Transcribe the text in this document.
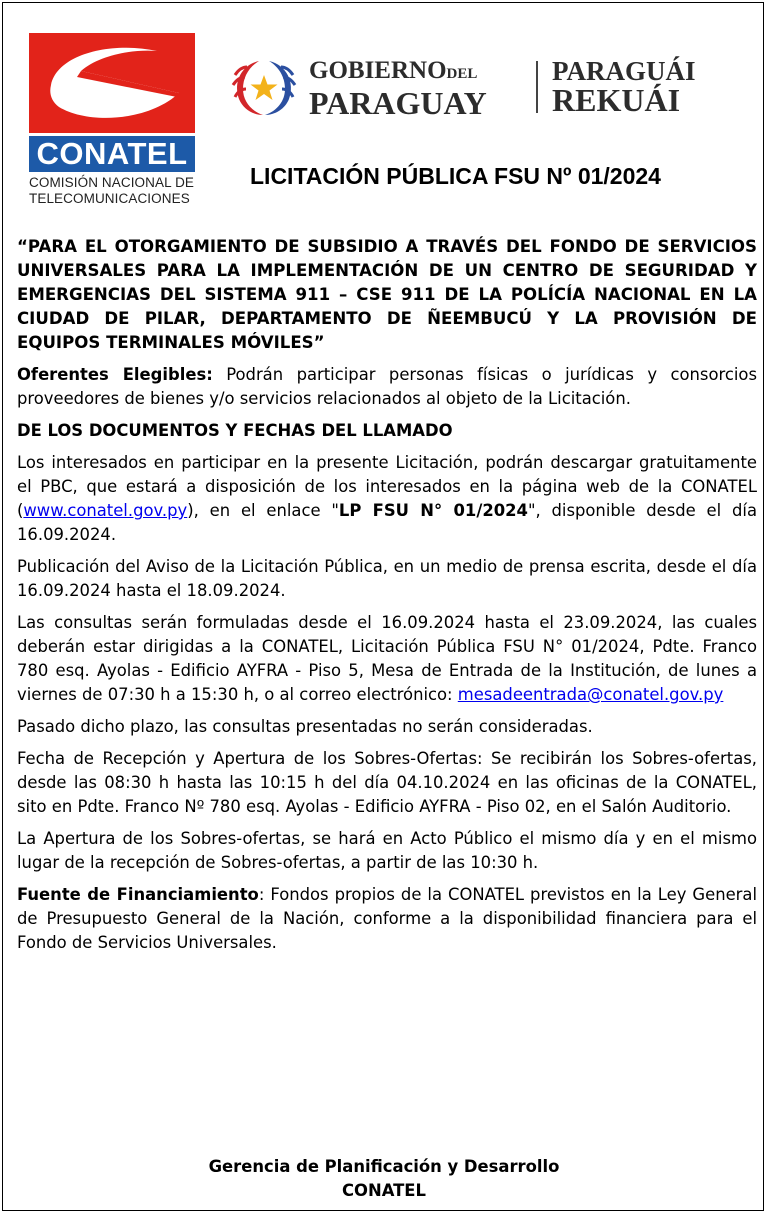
CONATEL
COMISIÓN NACIONAL DE
TELECOMUNICACIONES
GOBIERNODEL
PARAGUAY
PARAGUÁI
REKUÁI
LICITACIÓN PÚBLICA FSU Nº 01/2024

“PARA EL OTORGAMIENTO DE SUBSIDIO A TRAVÉS DEL FONDO DE SERVICIOS UNIVERSALES PARA LA IMPLEMENTACIÓN DE UN CENTRO DE SEGURIDAD Y EMERGENCIAS DEL SISTEMA 911 – CSE 911 DE LA POLÍCÍA NACIONAL EN LA CIUDAD DE PILAR, DEPARTAMENTO DE ÑEEMBUCÚ Y LA PROVISIÓN DE EQUIPOS TERMINALES MÓVILES”

Oferentes Elegibles: Podrán participar personas físicas o jurídicas y consorcios proveedores de bienes y/o servicios relacionados al objeto de la Licitación.

DE LOS DOCUMENTOS Y FECHAS DEL LLAMADO

Los interesados en participar en la presente Licitación, podrán descargar gratuitamente el PBC, que estará a disposición de los interesados en la página web de la CONATEL (www.conatel.gov.py), en el enlace "LP FSU N° 01/2024", disponible desde el día 16.09.2024.

Publicación del Aviso de la Licitación Pública, en un medio de prensa escrita, desde el día 16.09.2024 hasta el 18.09.2024.

Las consultas serán formuladas desde el 16.09.2024 hasta el 23.09.2024, las cuales deberán estar dirigidas a la CONATEL, Licitación Pública FSU N° 01/2024, Pdte. Franco 780 esq. Ayolas - Edificio AYFRA - Piso 5, Mesa de Entrada de la Institución, de lunes a viernes de 07:30 h a 15:30 h, o al correo electrónico: mesadeentrada@conatel.gov.py

Pasado dicho plazo, las consultas presentadas no serán consideradas.

Fecha de Recepción y Apertura de los Sobres-Ofertas: Se recibirán los Sobres-ofertas, desde las 08:30 h hasta las 10:15 h del día 04.10.2024 en las oficinas de la CONATEL, sito en Pdte. Franco Nº 780 esq. Ayolas - Edificio AYFRA - Piso 02, en el Salón Auditorio.

La Apertura de los Sobres-ofertas, se hará en Acto Público el mismo día y en el mismo lugar de la recepción de Sobres-ofertas, a partir de las 10:30 h.

Fuente de Financiamiento: Fondos propios de la CONATEL previstos en la Ley General de Presupuesto General de la Nación, conforme a la disponibilidad financiera para el Fondo de Servicios Universales.

Gerencia de Planificación y Desarrollo
CONATEL
